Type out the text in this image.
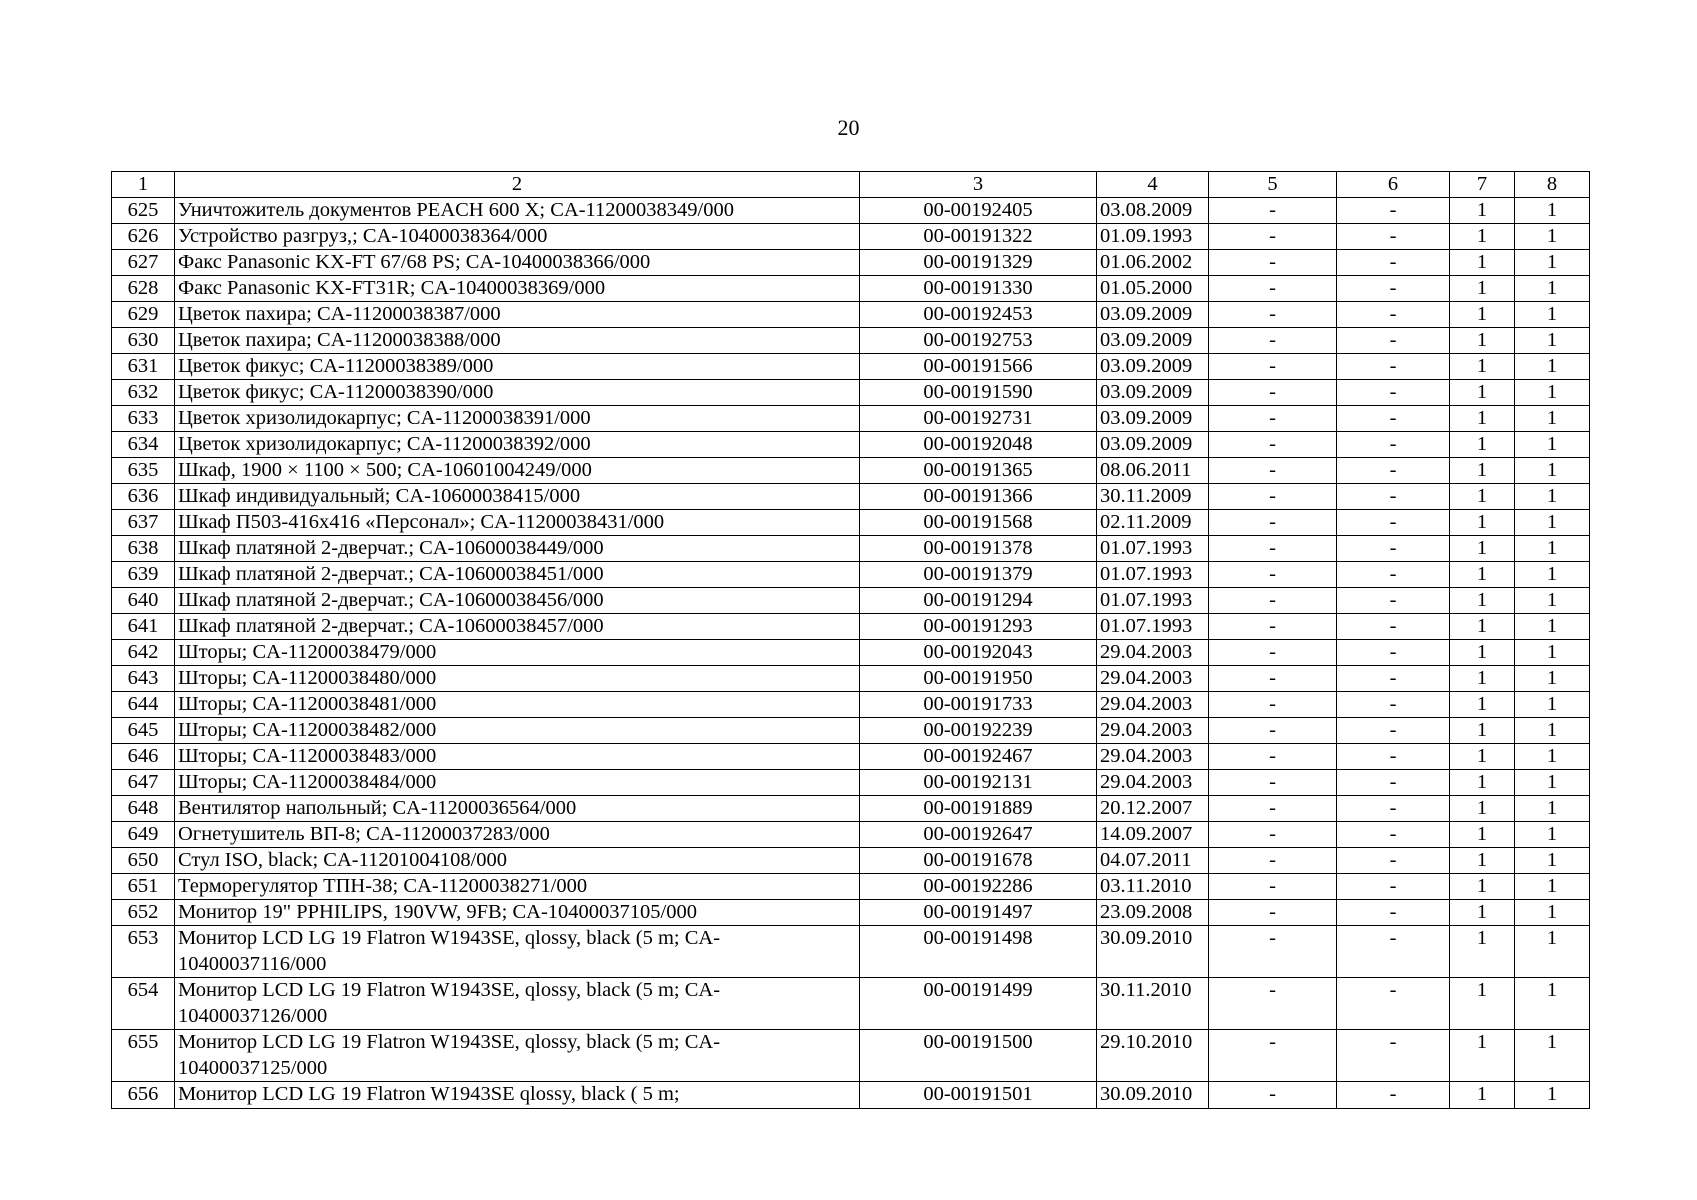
20
1	2	3	4	5	6	7	8
625	Уничтожитель документов PEACH 600 X; CA-11200038349/000	00-00192405	03.08.2009	-	-	1	1
626	Устройство разгруз,; CA-10400038364/000	00-00191322	01.09.1993	-	-	1	1
627	Факс Panasonic KX-FT 67/68 PS; CA-10400038366/000	00-00191329	01.06.2002	-	-	1	1
628	Факс Panasonic KX-FT31R; CA-10400038369/000	00-00191330	01.05.2000	-	-	1	1
629	Цветок пахира; CA-11200038387/000	00-00192453	03.09.2009	-	-	1	1
630	Цветок пахира; CA-11200038388/000	00-00192753	03.09.2009	-	-	1	1
631	Цветок фикус; CA-11200038389/000	00-00191566	03.09.2009	-	-	1	1
632	Цветок фикус; CA-11200038390/000	00-00191590	03.09.2009	-	-	1	1
633	Цветок хризолидокарпус; CA-11200038391/000	00-00192731	03.09.2009	-	-	1	1
634	Цветок хризолидокарпус; CA-11200038392/000	00-00192048	03.09.2009	-	-	1	1
635	Шкаф, 1900 × 1100 × 500; CA-10601004249/000	00-00191365	08.06.2011	-	-	1	1
636	Шкаф индивидуальный; CA-10600038415/000	00-00191366	30.11.2009	-	-	1	1
637	Шкаф П503-416x416 «Персонал»; CA-11200038431/000	00-00191568	02.11.2009	-	-	1	1
638	Шкаф платяной 2-дверчат.; CA-10600038449/000	00-00191378	01.07.1993	-	-	1	1
639	Шкаф платяной 2-дверчат.; CA-10600038451/000	00-00191379	01.07.1993	-	-	1	1
640	Шкаф платяной 2-дверчат.; CA-10600038456/000	00-00191294	01.07.1993	-	-	1	1
641	Шкаф платяной 2-дверчат.; CA-10600038457/000	00-00191293	01.07.1993	-	-	1	1
642	Шторы; CA-11200038479/000	00-00192043	29.04.2003	-	-	1	1
643	Шторы; CA-11200038480/000	00-00191950	29.04.2003	-	-	1	1
644	Шторы; CA-11200038481/000	00-00191733	29.04.2003	-	-	1	1
645	Шторы; CA-11200038482/000	00-00192239	29.04.2003	-	-	1	1
646	Шторы; CA-11200038483/000	00-00192467	29.04.2003	-	-	1	1
647	Шторы; CA-11200038484/000	00-00192131	29.04.2003	-	-	1	1
648	Вентилятор напольный; CA-11200036564/000	00-00191889	20.12.2007	-	-	1	1
649	Огнетушитель ВП-8; CA-11200037283/000	00-00192647	14.09.2007	-	-	1	1
650	Стул ISO, black; CA-11201004108/000	00-00191678	04.07.2011	-	-	1	1
651	Терморегулятор ТПН-38; CA-11200038271/000	00-00192286	03.11.2010	-	-	1	1
652	Монитор 19" PPHILIPS, 190VW, 9FB; CA-10400037105/000	00-00191497	23.09.2008	-	-	1	1
653	Монитор LCD LG 19 Flatron W1943SE, qlossy, black (5 m; CA-10400037116/000	00-00191498	30.09.2010	-	-	1	1
654	Монитор LCD LG 19 Flatron W1943SE, qlossy, black (5 m; CA-10400037126/000	00-00191499	30.11.2010	-	-	1	1
655	Монитор LCD LG 19 Flatron W1943SE, qlossy, black (5 m; CA-10400037125/000	00-00191500	29.10.2010	-	-	1	1
656	Монитор LCD LG 19 Flatron W1943SE qlossy, black ( 5 m;	00-00191501	30.09.2010	-	-	1	1
